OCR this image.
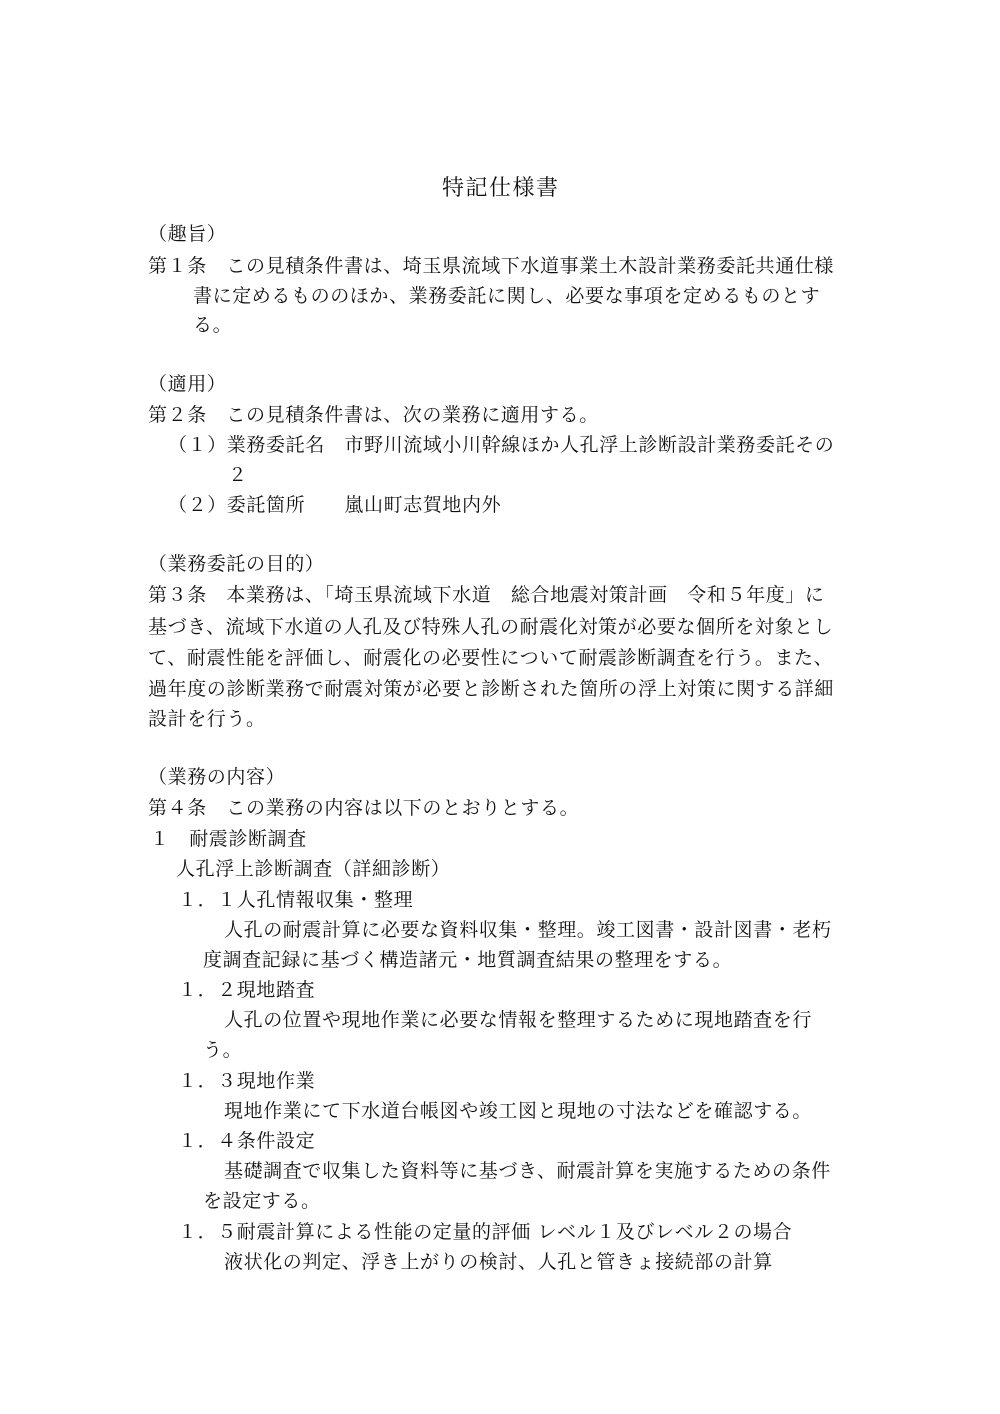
特記仕様書
（趣旨）
第１条　この見積条件書は、埼玉県流域下水道事業土木設計業務委託共通仕様
書に定めるもののほか、業務委託に関し、必要な事項を定めるものとす
る。
（適用）
第２条　この見積条件書は、次の業務に適用する。
（１）業務委託名　市野川流域小川幹線ほか人孔浮上診断設計業務委託その
２
（２）委託箇所　　嵐山町志賀地内外
（業務委託の目的）
第３条　本業務は、「埼玉県流域下水道　総合地震対策計画　令和５年度」に
基づき、流域下水道の人孔及び特殊人孔の耐震化対策が必要な個所を対象とし
て、耐震性能を評価し、耐震化の必要性について耐震診断調査を行う。また、
過年度の診断業務で耐震対策が必要と診断された箇所の浮上対策に関する詳細
設計を行う。
（業務の内容）
第４条　この業務の内容は以下のとおりとする。
１　耐震診断調査
人孔浮上診断調査（詳細診断）
１．１人孔情報収集・整理
人孔の耐震計算に必要な資料収集・整理。竣工図書・設計図書・老朽
度調査記録に基づく構造諸元・地質調査結果の整理をする。
１．２現地踏査
人孔の位置や現地作業に必要な情報を整理するために現地踏査を行
う。
１．３現地作業
現地作業にて下水道台帳図や竣工図と現地の寸法などを確認する。
１．４条件設定
基礎調査で収集した資料等に基づき、耐震計算を実施するための条件
を設定する。
１．５耐震計算による性能の定量的評価 レベル１及びレベル２の場合
液状化の判定、浮き上がりの検討、人孔と管きょ接続部の計算
